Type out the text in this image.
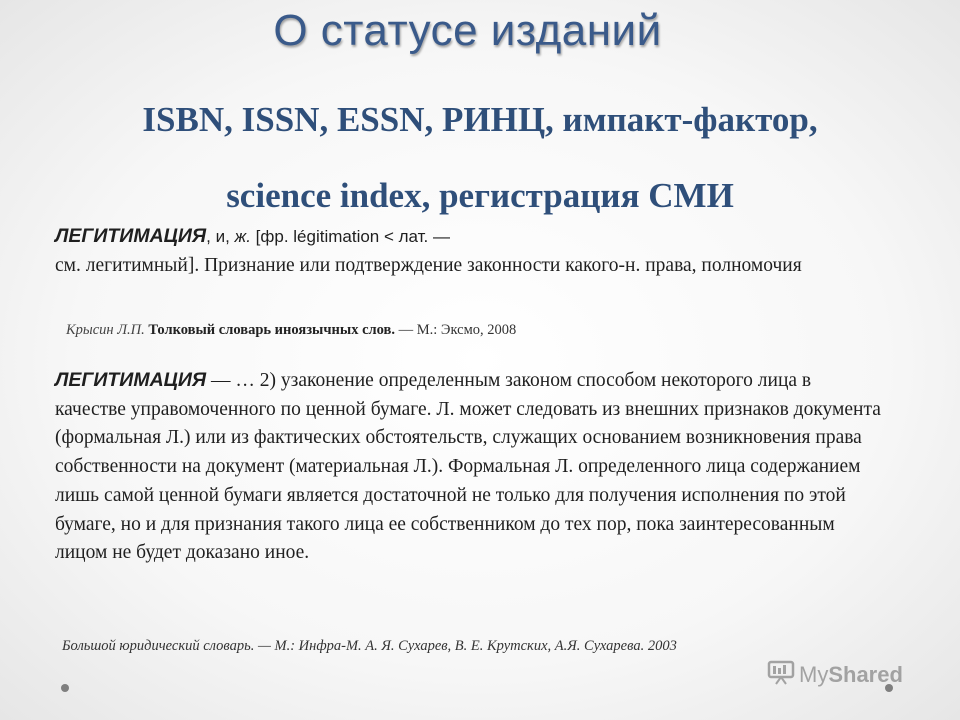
О статусе изданий
ISBN, ISSN, ESSN, РИНЦ, импакт-фактор,
science index, регистрация СМИ
ЛЕГИТИМАЦИЯ, и, ж. [фр. légitimation < лат. —
см. легитимный]. Признание или подтверждение законности какого-н. права, полномочия
Крысин Л.П. Толковый словарь иноязычных слов. — М.: Эксмо, 2008
ЛЕГИТИМАЦИЯ — … 2) узаконение определенным законом способом некоторого лица в качестве управомоченного по ценной бумаге. Л. может следовать из внешних признаков документа (формальная Л.) или из фактических обстоятельств, служащих основанием возникновения права собственности на документ (материальная Л.). Формальная Л. определенного лица содержанием лишь самой ценной бумаги является достаточной не только для получения исполнения по этой бумаге, но и для признания такого лица ее собственником до тех пор, пока заинтересованным лицом не будет доказано иное.
Большой юридический словарь. — М.: Инфра-М. А. Я. Сухарев, В. Е. Крутских, А.Я. Сухарева. 2003
My Shared
